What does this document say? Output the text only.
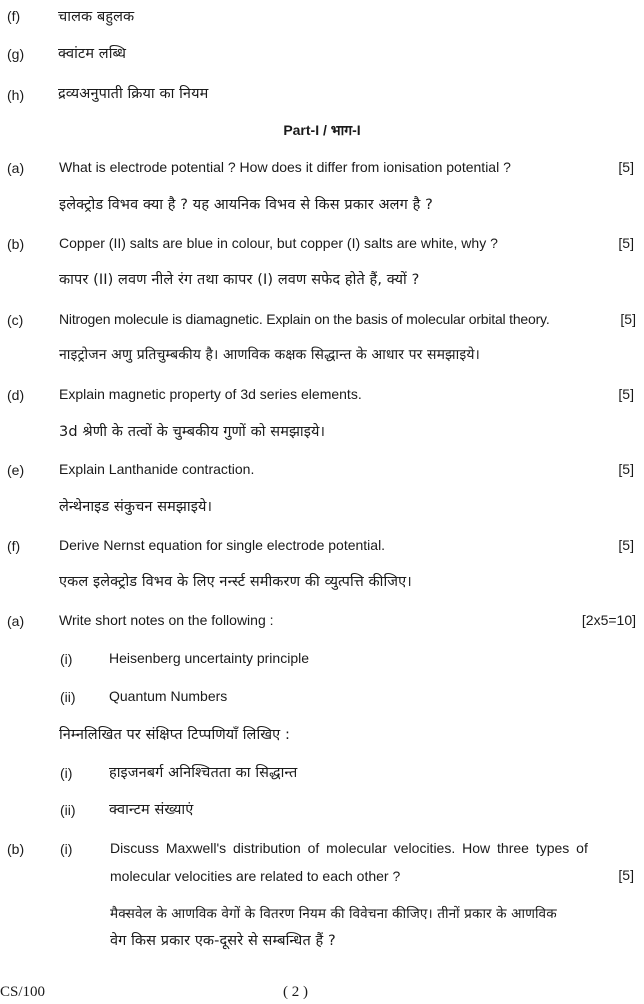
(f)	चालक बहुलक
(g) क्वांटम लब्धि
(h) द्रव्यअनुपाती क्रिया का नियम
Part-I / भाग-I
(a) What is electrode potential ? How does it differ from ionisation potential ?	[5]
इलेक्ट्रोड विभव क्या है ? यह आयनिक विभव से किस प्रकार अलग है ?
(b) Copper (II) salts are blue in colour, but copper (I) salts are white, why ?	[5]
कापर (II) लवण नीले रंग तथा कापर (I) लवण सफेद होते हैं, क्यों ?
(c)	Nitrogen molecule is diamagnetic. Explain on the basis of molecular orbital theory.	[5]
नाइट्रोजन अणु प्रतिचुम्बकीय है। आणविक कक्षक सिद्धान्त के आधार पर समझाइये।
(d) Explain magnetic property of 3d series elements.	[5]
3d श्रेणी के तत्वों के चुम्बकीय गुणों को समझाइये।
(e) Explain Lanthanide contraction.	[5]
लेन्थेनाइड संकुचन समझाइये।
(f)	Derive Nernst equation for single electrode potential.	[5]
एकल इलेक्ट्रोड विभव के लिए नर्न्स्ट समीकरण की व्युत्पत्ति कीजिए।
(a) Write short notes on the following :	[2x5=10]
(i)	Heisenberg uncertainty principle
(ii) Quantum Numbers
निम्नलिखित पर संक्षिप्त टिप्पणियाँ लिखिए :
(i)	हाइजनबर्ग अनिश्चितता का सिद्धान्त
(ii) क्वान्टम संख्याएं
(b)	(i)	Discuss Maxwell's distribution of molecular velocities. How three types of
molecular velocities are related to each other ?	[5]
मैक्सवेल के आणविक वेगों के वितरण नियम की विवेचना कीजिए। तीनों प्रकार के आणविक
वेग किस प्रकार एक-दूसरे से सम्बन्धित हैं ?
CS/100	( 2 )
